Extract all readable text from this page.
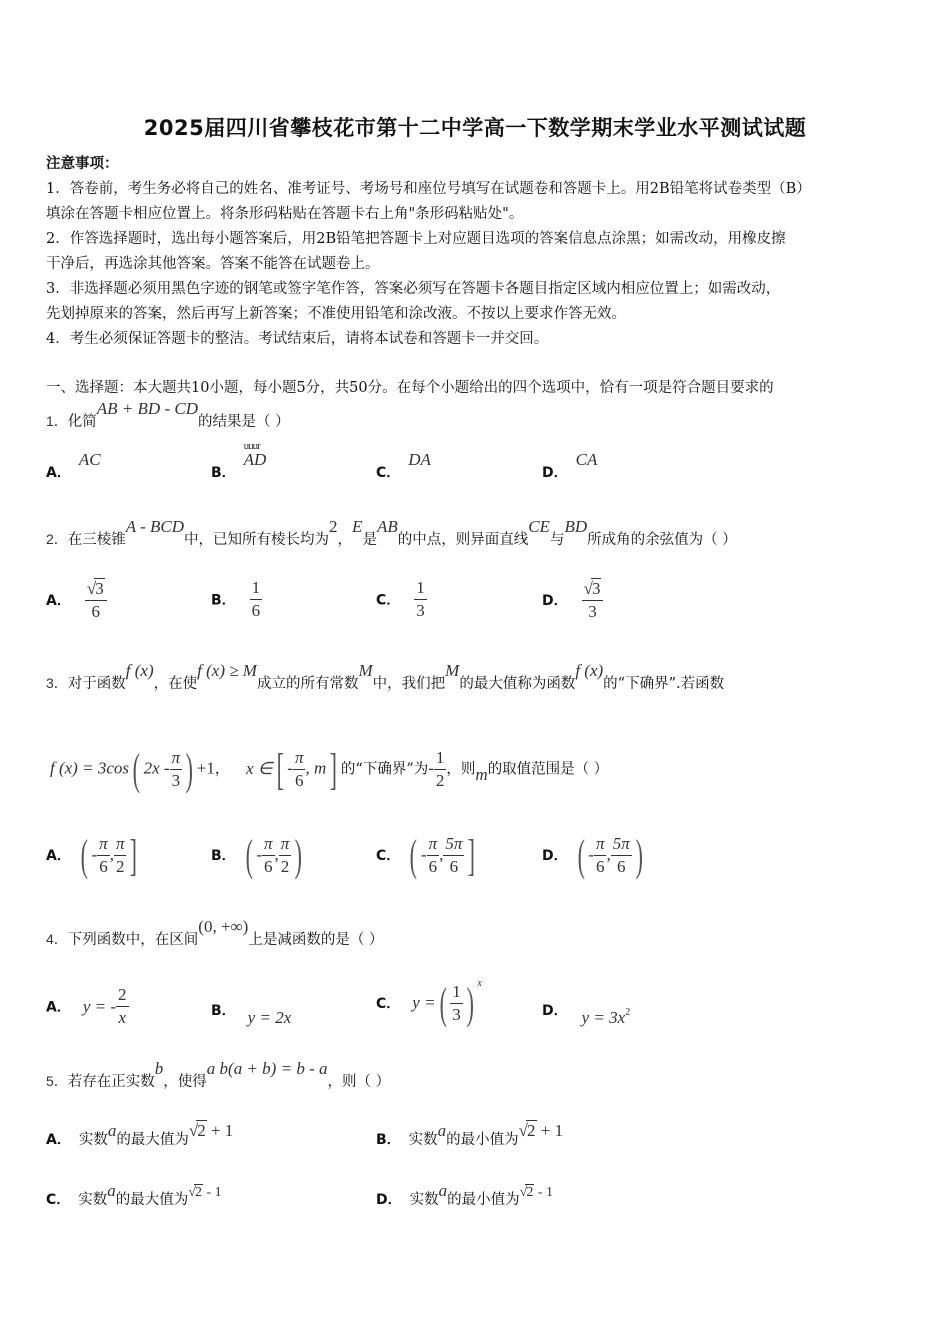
2025届四川省攀枝花市第十二中学高一下数学期末学业水平测试试题
注意事项：
1．答卷前，考生务必将自己的姓名、准考证号、考场号和座位号填写在试题卷和答题卡上。用2B铅笔将试卷类型（B）
填涂在答题卡相应位置上。将条形码粘贴在答题卡右上角"条形码粘贴处"。
2．作答选择题时，选出每小题答案后，用2B铅笔把答题卡上对应题目选项的答案信息点涂黑；如需改动，用橡皮擦
干净后，再选涂其他答案。答案不能答在试题卷上。
3．非选择题必须用黑色字迹的钢笔或签字笔作答，答案必须写在答题卡各题目指定区域内相应位置上；如需改动，
先划掉原来的答案，然后再写上新答案；不准使用铅笔和涂改液。不按以上要求作答无效。
4．考生必须保证答题卡的整洁。考试结束后，请将本试卷和答题卡一并交回。
一、选择题：本大题共10小题，每小题5分，共50分。在每个小题给出的四个选项中，恰有一项是符合题目要求的
1．化简AB + BD - CD的结果是（ ）
A．AC
B．
uuur
AD
C．DA
D．CA
2．在三棱锥A - BCD中，已知所有棱长均为2，E是AB的中点，则异面直线CE与BD所成角的余弦值为（ ）
A． $\frac{√3}{6}$	B． $\frac{1}{6}$	C． $\frac{1}{3}$	D． $\frac{√3}{3}$
3．对于函数f (x)，在使f (x) ≥ M成立的所有常数M中，我们把M的最大值称为函数f (x)的“下确界”.若函数
f (x) = 3cos( $2x - \frac{\pi}{3}$ ) +1， x ∈[ - $\frac{\pi}{6}$ , m] 的“下确界”为- $\frac{1}{2}$ ，则m的取值范围是（ ）
A． ( - $\frac{\pi}{6}$ , $\frac{\pi}{2}$ ]	B． ( - $\frac{\pi}{6}$ , $\frac{\pi}{2}$ )	C． ( - $\frac{\pi}{6}$ , $\frac{5\pi}{6}$ ]	D． ( - $\frac{\pi}{6}$ , $\frac{5\pi}{6}$ )
4．下列函数中，在区间(0, +∞)上是减函数的是（ ）
A． y = - $\frac{2}{x}$	B． y = 2x
C． y =( $\frac{1}{3}$ ) $^x$
D． $y = 3x^2$
5．若存在正实数b，使得a b(a + b) = b - a，则（ ）
A． 实数a的最大值为√2 + 1	B． 实数a的最小值为√2 + 1
C． 实数a的最大值为√2 - 1	D． 实数a的最小值为√2 - 1
